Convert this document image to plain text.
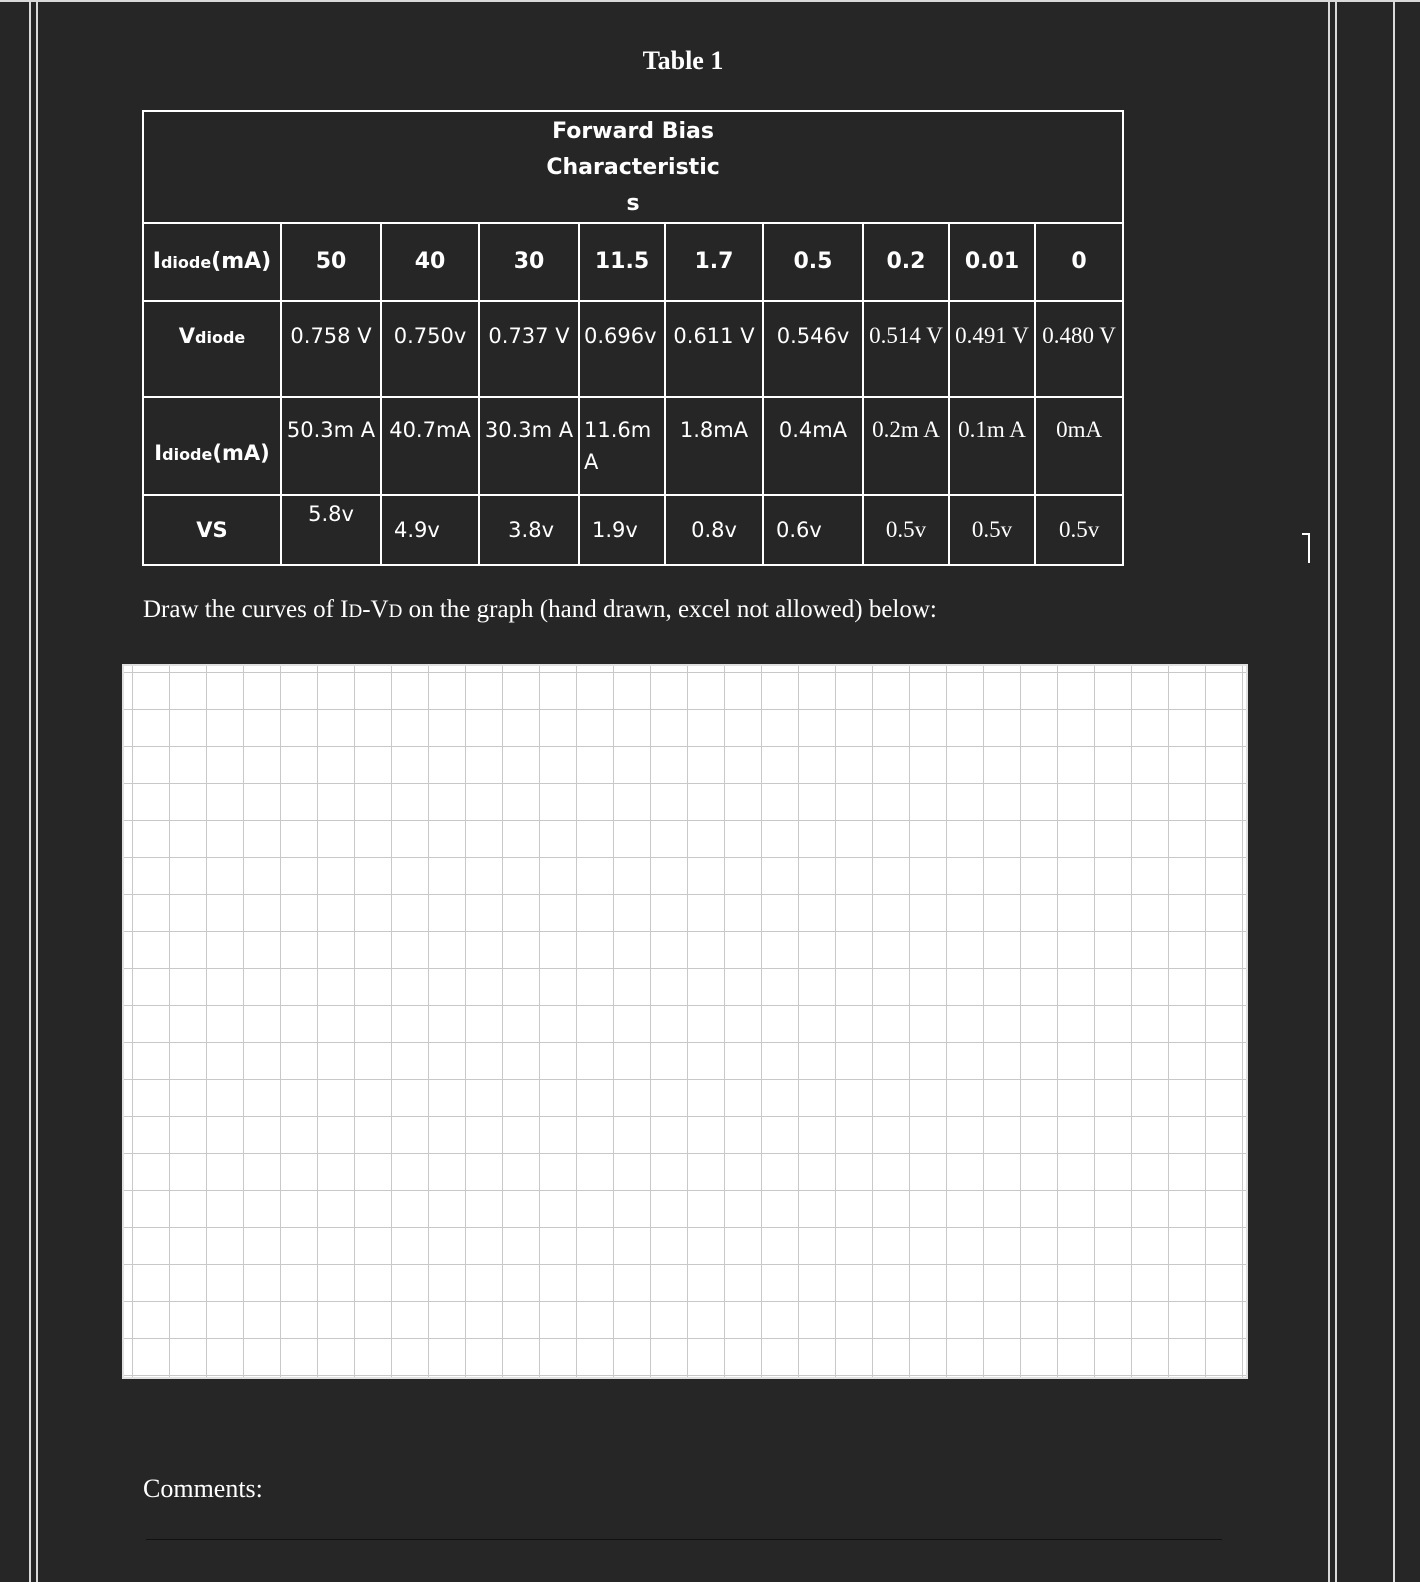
Table 1
Forward Bias
Characteristic
s									

Idiode(mA)	50	40	30	11.5	1.7	0.5	0.2	0.01	0
Vdiode	0.758 V	0.750v	0.737 V	0.696v	0.611 V	0.546v	0.514 V	0.491 V	0.480 V
Idiode(mA)	50.3m A	40.7mA	30.3m A	11.6m A	1.8mA	0.4mA	0.2m A	0.1m A	0mA
VS	5.8v	4.9v	3.8v	1.9v	0.8v	0.6v	0.5v	0.5v	0.5v
Draw the curves of ID-VD on the graph (hand drawn, excel not allowed) below:
Comments:
